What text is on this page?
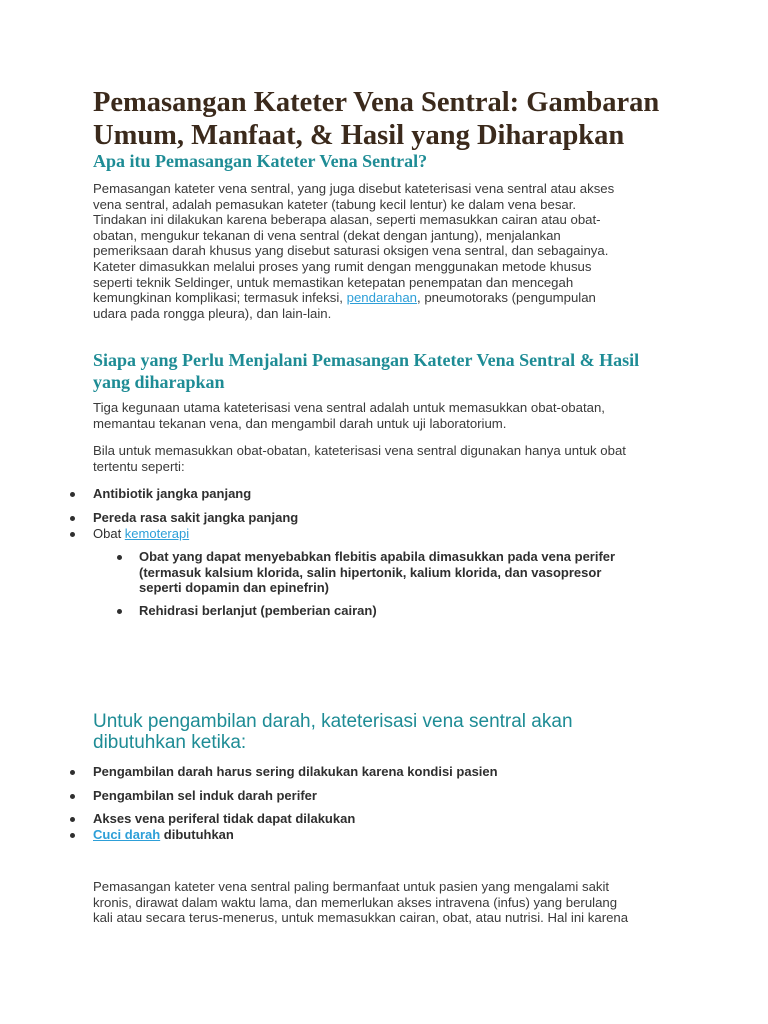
Pemasangan Kateter Vena Sentral: Gambaran
Umum, Manfaat, & Hasil yang Diharapkan
Apa itu Pemasangan Kateter Vena Sentral?

Pemasangan kateter vena sentral, yang juga disebut kateterisasi vena sentral atau akses
vena sentral, adalah pemasukan kateter (tabung kecil lentur) ke dalam vena besar.
Tindakan ini dilakukan karena beberapa alasan, seperti memasukkan cairan atau obat-
obatan, mengukur tekanan di vena sentral (dekat dengan jantung), menjalankan
pemeriksaan darah khusus yang disebut saturasi oksigen vena sentral, dan sebagainya.
Kateter dimasukkan melalui proses yang rumit dengan menggunakan metode khusus
seperti teknik Seldinger, untuk memastikan ketepatan penempatan dan mencegah
kemungkinan komplikasi; termasuk infeksi, pendarahan, pneumotoraks (pengumpulan
udara pada rongga pleura), dan lain-lain.

Siapa yang Perlu Menjalani Pemasangan Kateter Vena Sentral & Hasil
yang diharapkan

Tiga kegunaan utama kateterisasi vena sentral adalah untuk memasukkan obat-obatan,
memantau tekanan vena, dan mengambil darah untuk uji laboratorium.

Bila untuk memasukkan obat-obatan, kateterisasi vena sentral digunakan hanya untuk obat
tertentu seperti:

Antibiotik jangka panjang
Pereda rasa sakit jangka panjang
Obat kemoterapi
Obat yang dapat menyebabkan flebitis apabila dimasukkan pada vena perifer
(termasuk kalsium klorida, salin hipertonik, kalium klorida, dan vasopresor
seperti dopamin dan epinefrin)
Rehidrasi berlanjut (pemberian cairan)
Untuk pengambilan darah, kateterisasi vena sentral akan
dibutuhkan ketika:
Pengambilan darah harus sering dilakukan karena kondisi pasien
Pengambilan sel induk darah perifer
Akses vena periferal tidak dapat dilakukan
Cuci darah dibutuhkan

Pemasangan kateter vena sentral paling bermanfaat untuk pasien yang mengalami sakit
kronis, dirawat dalam waktu lama, dan memerlukan akses intravena (infus) yang berulang
kali atau secara terus-menerus, untuk memasukkan cairan, obat, atau nutrisi. Hal ini karena
